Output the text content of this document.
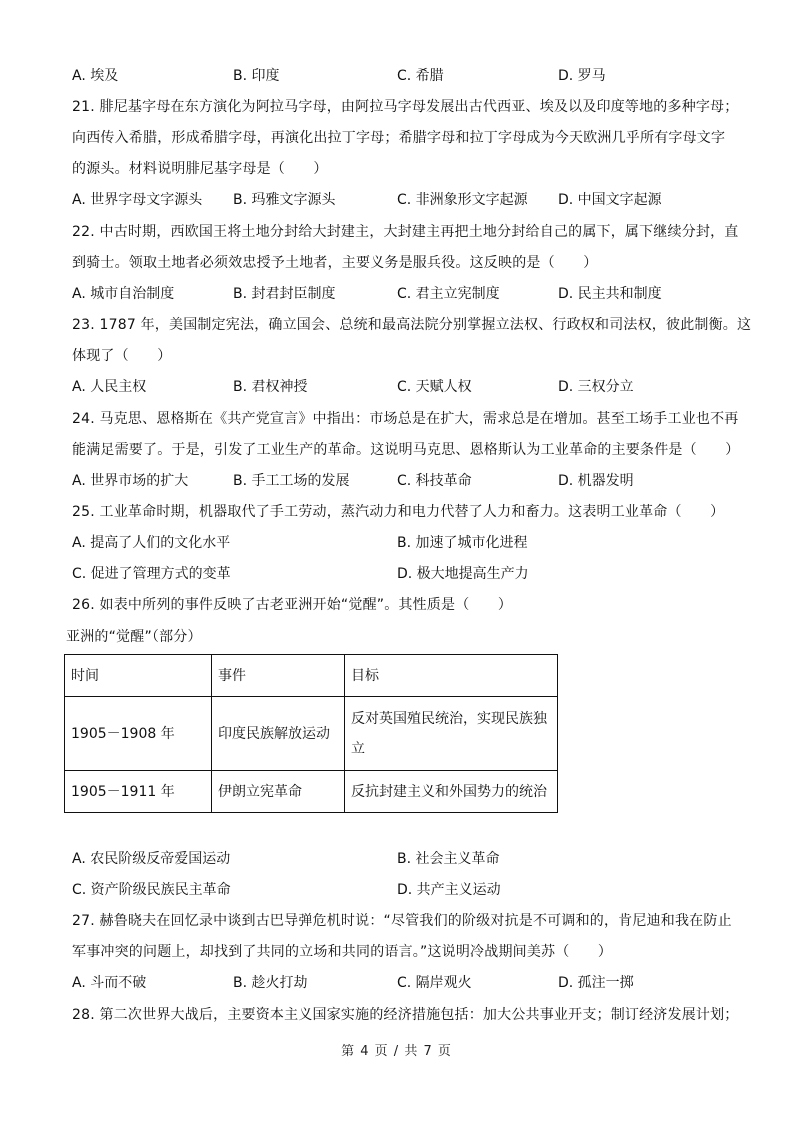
A. 埃及	B. 印度	C. 希腊	D. 罗马
21. 腓尼基字母在东方演化为阿拉马字母，由阿拉马字母发展出古代西亚、埃及以及印度等地的多种字母；
向西传入希腊，形成希腊字母，再演化出拉丁字母；希腊字母和拉丁字母成为今天欧洲几乎所有字母文字
的源头。材料说明腓尼基字母是（　　）
A. 世界字母文字源头 B. 玛雅文字源头	C. 非洲象形文字起源 D. 中国文字起源
22. 中古时期，西欧国王将土地分封给大封建主，大封建主再把土地分封给自己的属下，属下继续分封，直
到骑士。领取土地者必须效忠授予土地者，主要义务是服兵役。这反映的是（　　）
A. 城市自治制度	B. 封君封臣制度	C. 君主立宪制度	D. 民主共和制度
23. 1787 年，美国制定宪法，确立国会、总统和最高法院分别掌握立法权、行政权和司法权，彼此制衡。这
体现了（　　）
A. 人民主权	B. 君权神授	C. 天赋人权	D. 三权分立
24. 马克思、恩格斯在《共产党宣言》中指出：市场总是在扩大，需求总是在增加。甚至工场手工业也不再
能满足需要了。于是，引发了工业生产的革命。这说明马克思、恩格斯认为工业革命的主要条件是（　　）
A. 世界市场的扩大	B. 手工工场的发展	C. 科技革命	D. 机器发明
25. 工业革命时期，机器取代了手工劳动，蒸汽动力和电力代替了人力和畜力。这表明工业革命（　　）
A. 提高了人们的文化水平	B. 加速了城市化进程
C. 促进了管理方式的变革	D. 极大地提高生产力
26. 如表中所列的事件反映了古老亚洲开始“觉醒”。其性质是（　　）
亚洲的“觉醒”（部分）
时间	事件	目标
1905－1908 年	印度民族解放运动	反对英国殖民统治，实现民族独
立

1905－1911 年	伊朗立宪革命	反抗封建主义和外国势力的统治
A. 农民阶级反帝爱国运动	B. 社会主义革命
C. 资产阶级民族民主革命	D. 共产主义运动
27. 赫鲁晓夫在回忆录中谈到古巴导弹危机时说：“尽管我们的阶级对抗是不可调和的，肯尼迪和我在防止
军事冲突的问题上，却找到了共同的立场和共同的语言。”这说明冷战期间美苏（　　）
A. 斗而不破	B. 趁火打劫	C. 隔岸观火	D. 孤注一掷
28. 第二次世界大战后，主要资本主义国家实施的经济措施包括：加大公共事业开支；制订经济发展计划；
第 4 页 / 共 7 页
